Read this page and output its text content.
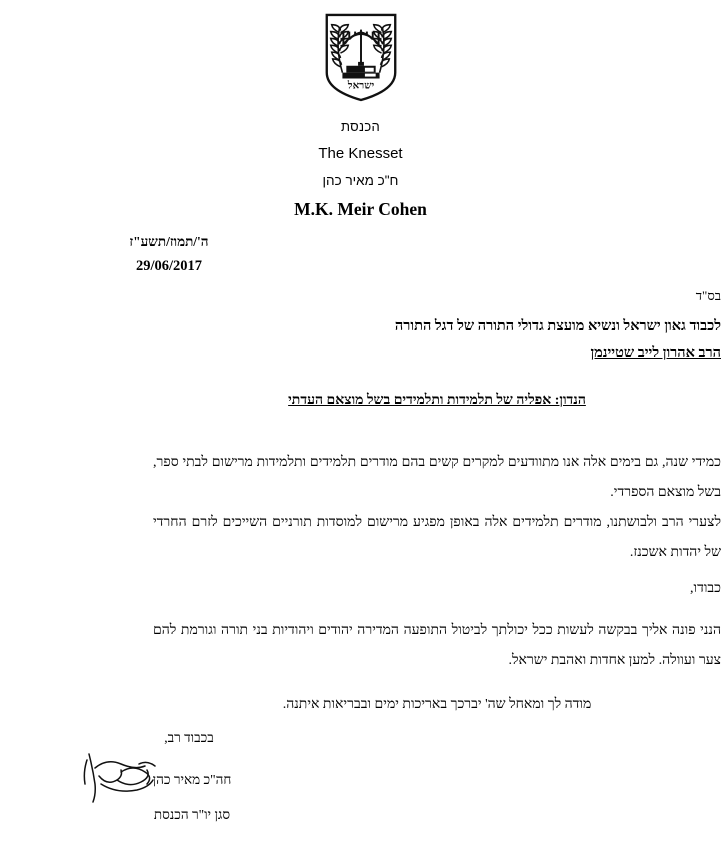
ישראל
הכנסת
The Knesset
ח"כ מאיר כהן
M.K. Meir Cohen
ה'/תמוז/תשע"ז
29/06/2017
בס"ד
לכבוד גאון ישראל ונשיא מועצת גדולי התורה של דגל התורה
הרב אהרון לייב שטיינמן
הנדון: אפליה של תלמידות ותלמידים בשל מוצאם העדתי
כמידי שנה, גם בימים אלה אנו מתוודעים למקרים קשים בהם מודרים תלמידים ותלמידות מרישום לבתי ספר, בשל מוצאם הספרדי.
לצערי הרב ולבושתנו, מודרים תלמידים אלה באופן מפגיע מרישום למוסדות תורניים השייכים לזרם החרדי של יהדות אשכנז.
כבודו,
הנני פונה אליך בבקשה לעשות ככל יכולתך לביטול התופעה המדירה יהודים ויהודיות בני תורה וגורמת להם צער ועוולה. למען אחדות ואהבת ישראל.
מודה לך ומאחל שה' יברכך באריכות ימים ובבריאות איתנה.
בכבוד רב,
חה"כ מאיר כהן
סגן יו"ר הכנסת
